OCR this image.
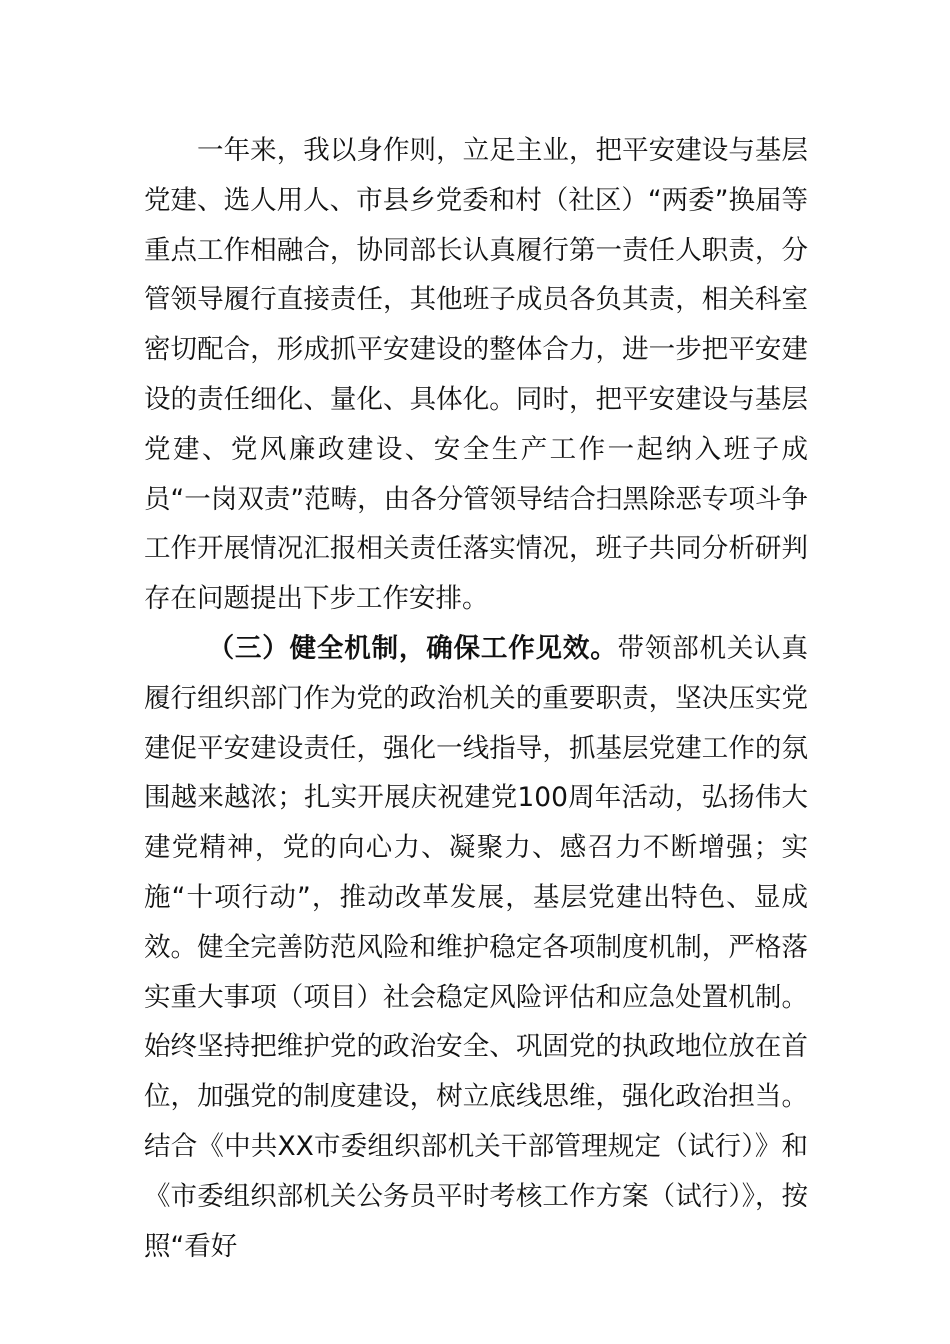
一年来，我以身作则，立足主业，把平安建设与基层党建、选人用人、市县乡党委和村（社区）“两委”换届等重点工作相融合，协同部长认真履行第一责任人职责，分管领导履行直接责任，其他班子成员各负其责，相关科室密切配合，形成抓平安建设的整体合力，进一步把平安建设的责任细化、量化、具体化。同时，把平安建设与基层党建、党风廉政建设、安全生产工作一起纳入班子成员“一岗双责”范畴，由各分管领导结合扫黑除恶专项斗争工作开展情况汇报相关责任落实情况，班子共同分析研判存在问题提出下步工作安排。

（三）健全机制，确保工作见效。带领部机关认真履行组织部门作为党的政治机关的重要职责，坚决压实党建促平安建设责任，强化一线指导，抓基层党建工作的氛围越来越浓；扎实开展庆祝建党100周年活动，弘扬伟大建党精神，党的向心力、凝聚力、感召力不断增强；实施“十项行动”，推动改革发展，基层党建出特色、显成效。健全完善防范风险和维护稳定各项制度机制，严格落实重大事项（项目）社会稳定风险评估和应急处置机制。始终坚持把维护党的政治安全、巩固党的执政地位放在首位，加强党的制度建设，树立底线思维，强化政治担当。结合《中共XX市委组织部机关干部管理规定（试行）》和《市委组织部机关公务员平时考核工作方案（试行）》，按照“看好
